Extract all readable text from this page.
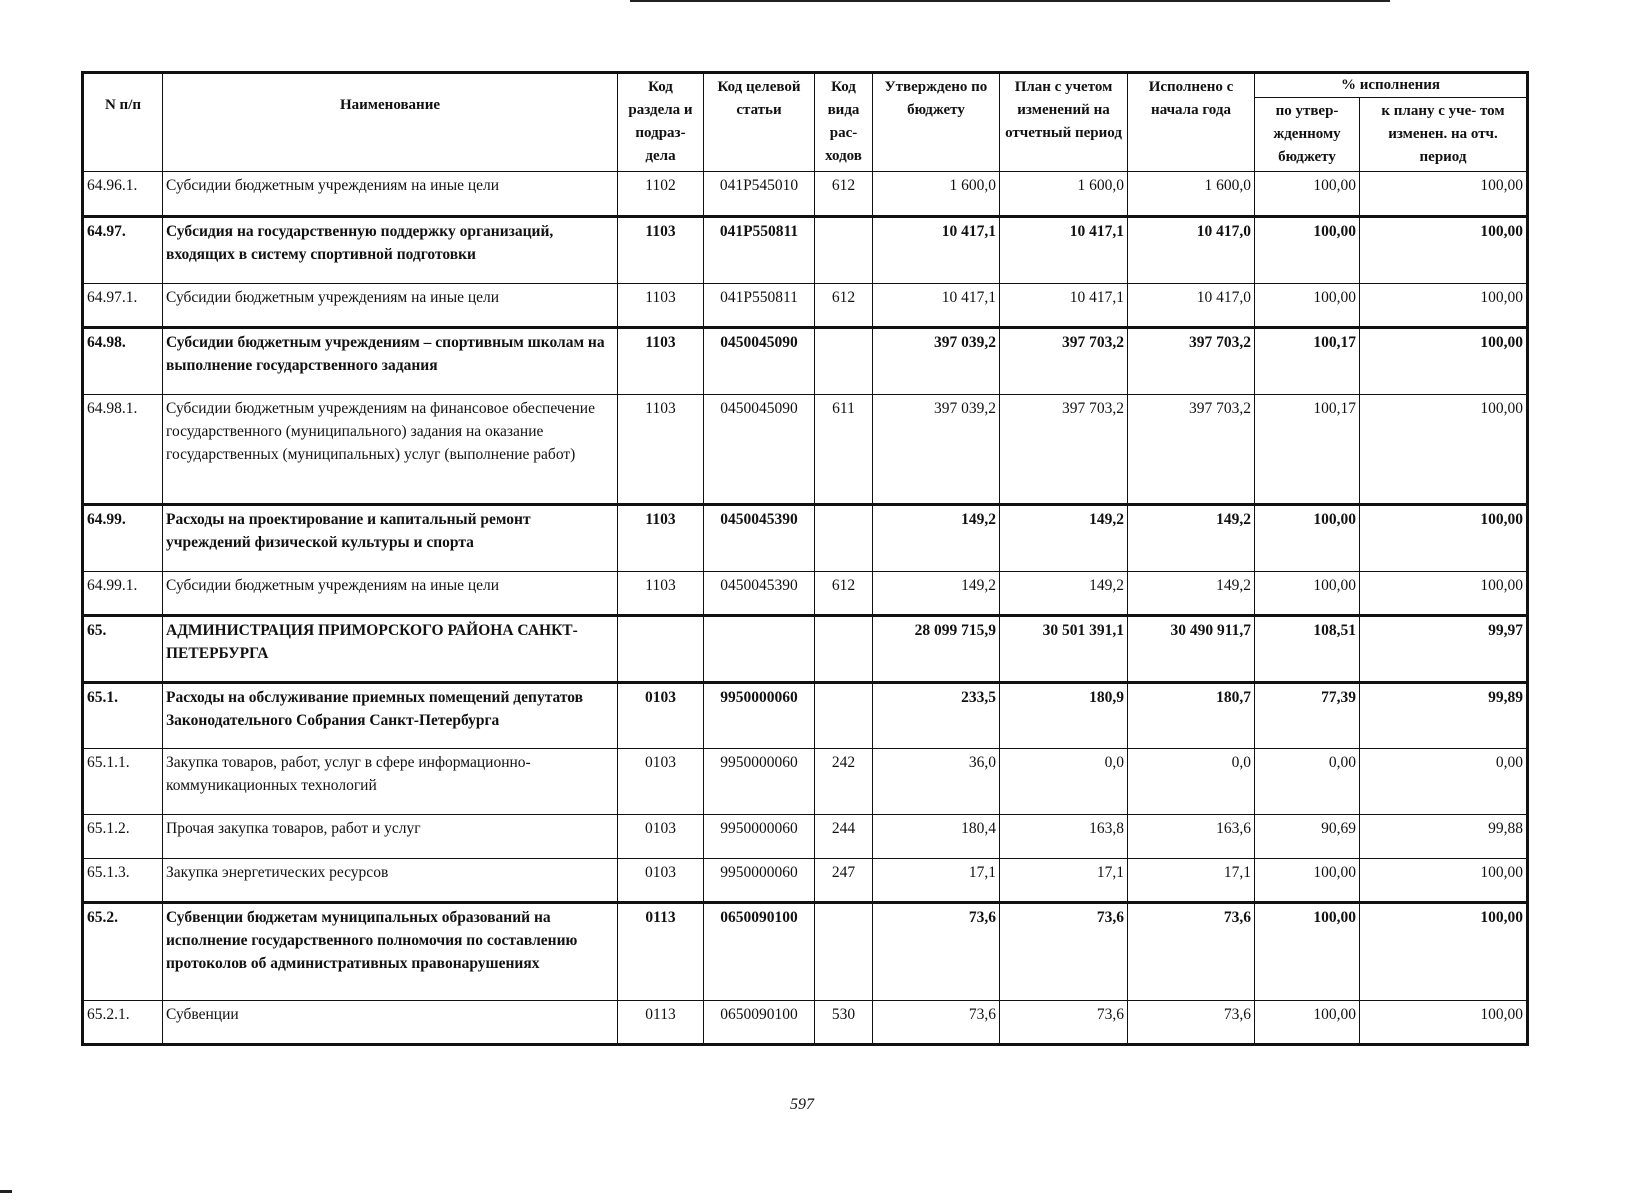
N п/п	Наименование	Код раздела и подраз- дела	Код целевой статьи	Код вида рас- ходов	Утверждено по бюджету	План с учетом изменений на отчетный период	Исполнено с начала года	% исполнения	
								по утвер- жденному бюджету	к плану с уче- том изменен. на отч. период
64.96.1.	Субсидии бюджетным учреждениям на иные цели	1102	041P545010	612	1 600,0	1 600,0	1 600,0	100,00	100,00
64.97.	Субсидия на государственную поддержку организаций, входящих в систему спортивной подготовки	1103	041P550811		10 417,1	10 417,1	10 417,0	100,00	100,00
64.97.1.	Субсидии бюджетным учреждениям на иные цели	1103	041P550811	612	10 417,1	10 417,1	10 417,0	100,00	100,00
64.98.	Субсидии бюджетным учреждениям – спортивным школам на выполнение государственного задания	1103	0450045090		397 039,2	397 703,2	397 703,2	100,17	100,00
64.98.1.	Субсидии бюджетным учреждениям на финансовое обеспечение государственного (муниципального) задания на оказание государственных (муниципальных) услуг (выполнение работ)	1103	0450045090	611	397 039,2	397 703,2	397 703,2	100,17	100,00
64.99.	Расходы на проектирование и капитальный ремонт учреждений физической культуры и спорта	1103	0450045390		149,2	149,2	149,2	100,00	100,00
64.99.1.	Субсидии бюджетным учреждениям на иные цели	1103	0450045390	612	149,2	149,2	149,2	100,00	100,00
65.	АДМИНИСТРАЦИЯ ПРИМОРСКОГО РАЙОНА САНКТ-ПЕТЕРБУРГА				28 099 715,9	30 501 391,1	30 490 911,7	108,51	99,97
65.1.	Расходы на обслуживание приемных помещений депутатов Законодательного Собрания Санкт-Петербурга	0103	9950000060		233,5	180,9	180,7	77,39	99,89
65.1.1.	Закупка товаров, работ, услуг в сфере информационно-коммуникационных технологий	0103	9950000060	242	36,0	0,0	0,0	0,00	0,00
65.1.2.	Прочая закупка товаров, работ и услуг	0103	9950000060	244	180,4	163,8	163,6	90,69	99,88
65.1.3.	Закупка энергетических ресурсов	0103	9950000060	247	17,1	17,1	17,1	100,00	100,00
65.2.	Субвенции бюджетам муниципальных образований на исполнение государственного полномочия по составлению протоколов об административных правонарушениях	0113	0650090100		73,6	73,6	73,6	100,00	100,00
65.2.1.	Субвенции	0113	0650090100	530	73,6	73,6	73,6	100,00	100,00
597
